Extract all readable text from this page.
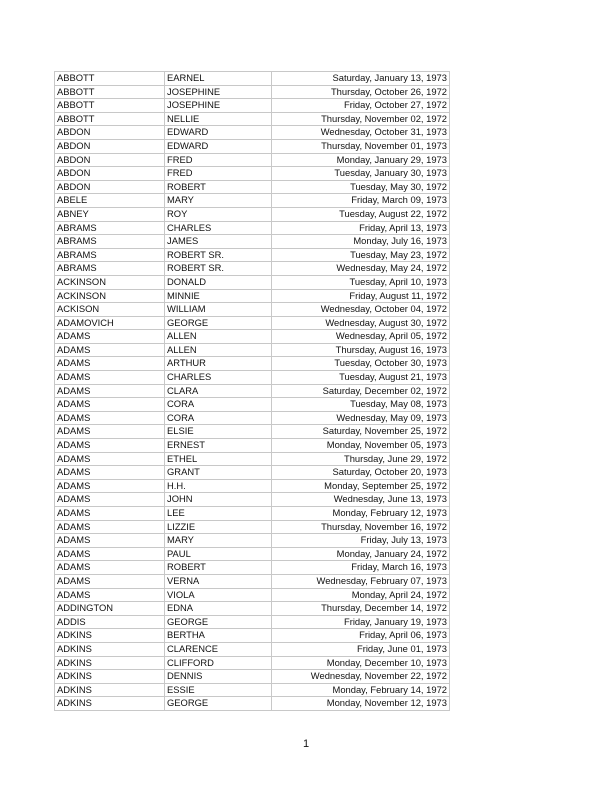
ABBOTT	EARNEL	Saturday, January 13, 1973
ABBOTT	JOSEPHINE	Thursday, October 26, 1972
ABBOTT	JOSEPHINE	Friday, October 27, 1972
ABBOTT	NELLIE	Thursday, November 02, 1972
ABDON	EDWARD	Wednesday, October 31, 1973
ABDON	EDWARD	Thursday, November 01, 1973
ABDON	FRED	Monday, January 29, 1973
ABDON	FRED	Tuesday, January 30, 1973
ABDON	ROBERT	Tuesday, May 30, 1972
ABELE	MARY	Friday, March 09, 1973
ABNEY	ROY	Tuesday, August 22, 1972
ABRAMS	CHARLES	Friday, April 13, 1973
ABRAMS	JAMES	Monday, July 16, 1973
ABRAMS	ROBERT SR.	Tuesday, May 23, 1972
ABRAMS	ROBERT SR.	Wednesday, May 24, 1972
ACKINSON	DONALD	Tuesday, April 10, 1973
ACKINSON	MINNIE	Friday, August 11, 1972
ACKISON	WILLIAM	Wednesday, October 04, 1972
ADAMOVICH	GEORGE	Wednesday, August 30, 1972
ADAMS	ALLEN	Wednesday, April 05, 1972
ADAMS	ALLEN	Thursday, August 16, 1973
ADAMS	ARTHUR	Tuesday, October 30, 1973
ADAMS	CHARLES	Tuesday, August 21, 1973
ADAMS	CLARA	Saturday, December 02, 1972
ADAMS	CORA	Tuesday, May 08, 1973
ADAMS	CORA	Wednesday, May 09, 1973
ADAMS	ELSIE	Saturday, November 25, 1972
ADAMS	ERNEST	Monday, November 05, 1973
ADAMS	ETHEL	Thursday, June 29, 1972
ADAMS	GRANT	Saturday, October 20, 1973
ADAMS	H.H.	Monday, September 25, 1972
ADAMS	JOHN	Wednesday, June 13, 1973
ADAMS	LEE	Monday, February 12, 1973
ADAMS	LIZZIE	Thursday, November 16, 1972
ADAMS	MARY	Friday, July 13, 1973
ADAMS	PAUL	Monday, January 24, 1972
ADAMS	ROBERT	Friday, March 16, 1973
ADAMS	VERNA	Wednesday, February 07, 1973
ADAMS	VIOLA	Monday, April 24, 1972
ADDINGTON	EDNA	Thursday, December 14, 1972
ADDIS	GEORGE	Friday, January 19, 1973
ADKINS	BERTHA	Friday, April 06, 1973
ADKINS	CLARENCE	Friday, June 01, 1973
ADKINS	CLIFFORD	Monday, December 10, 1973
ADKINS	DENNIS	Wednesday, November 22, 1972
ADKINS	ESSIE	Monday, February 14, 1972
ADKINS	GEORGE	Monday, November 12, 1973
1
